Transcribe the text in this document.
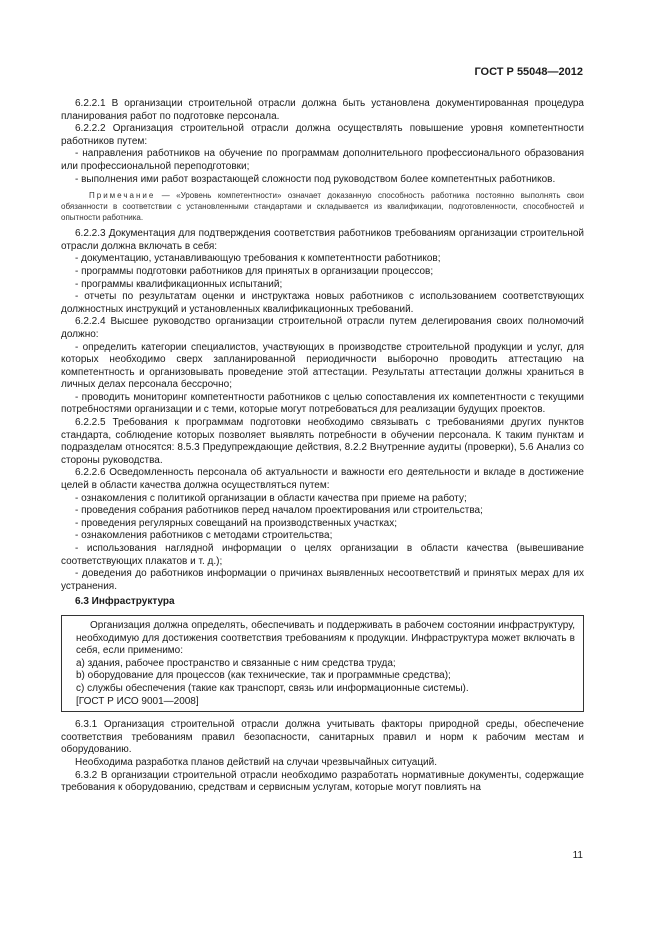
ГОСТ Р 55048—2012

6.2.2.1 В организации строительной отрасли должна быть установлена документированная процедура планирования работ по подготовке персонала.

6.2.2.2 Организация строительной отрасли должна осуществлять повышение уровня компетентности работников путем:

- направления работников на обучение по программам дополнительного профессионального образования или профессиональной переподготовки;

- выполнения ими работ возрастающей сложности под руководством более компетентных работников.

Примечание — «Уровень компетентности» означает доказанную способность работника постоянно выполнять свои обязанности в соответствии с установленными стандартами и складывается из квалификации, подготовленности, способностей и опытности работника.

6.2.2.3 Документация для подтверждения соответствия работников требованиям организации строительной отрасли должна включать в себя:

- документацию, устанавливающую требования к компетентности работников;

- программы подготовки работников для принятых в организации процессов;

- программы квалификационных испытаний;

- отчеты по результатам оценки и инструктажа новых работников с использованием соответствующих должностных инструкций и установленных квалификационных требований.

6.2.2.4 Высшее руководство организации строительной отрасли путем делегирования своих полномочий должно:

- определить категории специалистов, участвующих в производстве строительной продукции и услуг, для которых необходимо сверх запланированной периодичности выборочно проводить аттестацию на компетентность и организовывать проведение этой аттестации. Результаты аттестации должны храниться в личных делах персонала бессрочно;

- проводить мониторинг компетентности работников с целью сопоставления их компетентности с текущими потребностями организации и с теми, которые могут потребоваться для реализации будущих проектов.

6.2.2.5 Требования к программам подготовки необходимо связывать с требованиями других пунктов стандарта, соблюдение которых позволяет выявлять потребности в обучении персонала. К таким пунктам и подразделам относятся: 8.5.3 Предупреждающие действия, 8.2.2 Внутренние аудиты (проверки), 5.6 Анализ со стороны руководства.

6.2.2.6 Осведомленность персонала об актуальности и важности его деятельности и вкладе в достижение целей в области качества должна осуществляться путем:

- ознакомления с политикой организации в области качества при приеме на работу;

- проведения собрания работников перед началом проектирования или строительства;

- проведения регулярных совещаний на производственных участках;

- ознакомления работников с методами строительства;

- использования наглядной информации о целях организации в области качества (вывешивание соответствующих плакатов и т. д.);

- доведения до работников информации о причинах выявленных несоответствий и принятых мерах для их устранения.

6.3 Инфраструктура

Организация должна определять, обеспечивать и поддерживать в рабочем состоянии инфраструктуру, необходимую для достижения соответствия требованиям к продукции. Инфраструктура может включать в себя, если применимо:

a) здания, рабочее пространство и связанные с ним средства труда;

b) оборудование для процессов (как технические, так и программные средства);

c) службы обеспечения (такие как транспорт, связь или информационные системы).

[ГОСТ Р ИСО 9001—2008]

6.3.1 Организация строительной отрасли должна учитывать факторы природной среды, обеспечение соответствия требованиям правил безопасности, санитарных правил и норм к рабочим местам и оборудованию.

Необходима разработка планов действий на случаи чрезвычайных ситуаций.

6.3.2 В организации строительной отрасли необходимо разработать нормативные документы, содержащие требования к оборудованию, средствам и сервисным услугам, которые могут повлиять на

11
